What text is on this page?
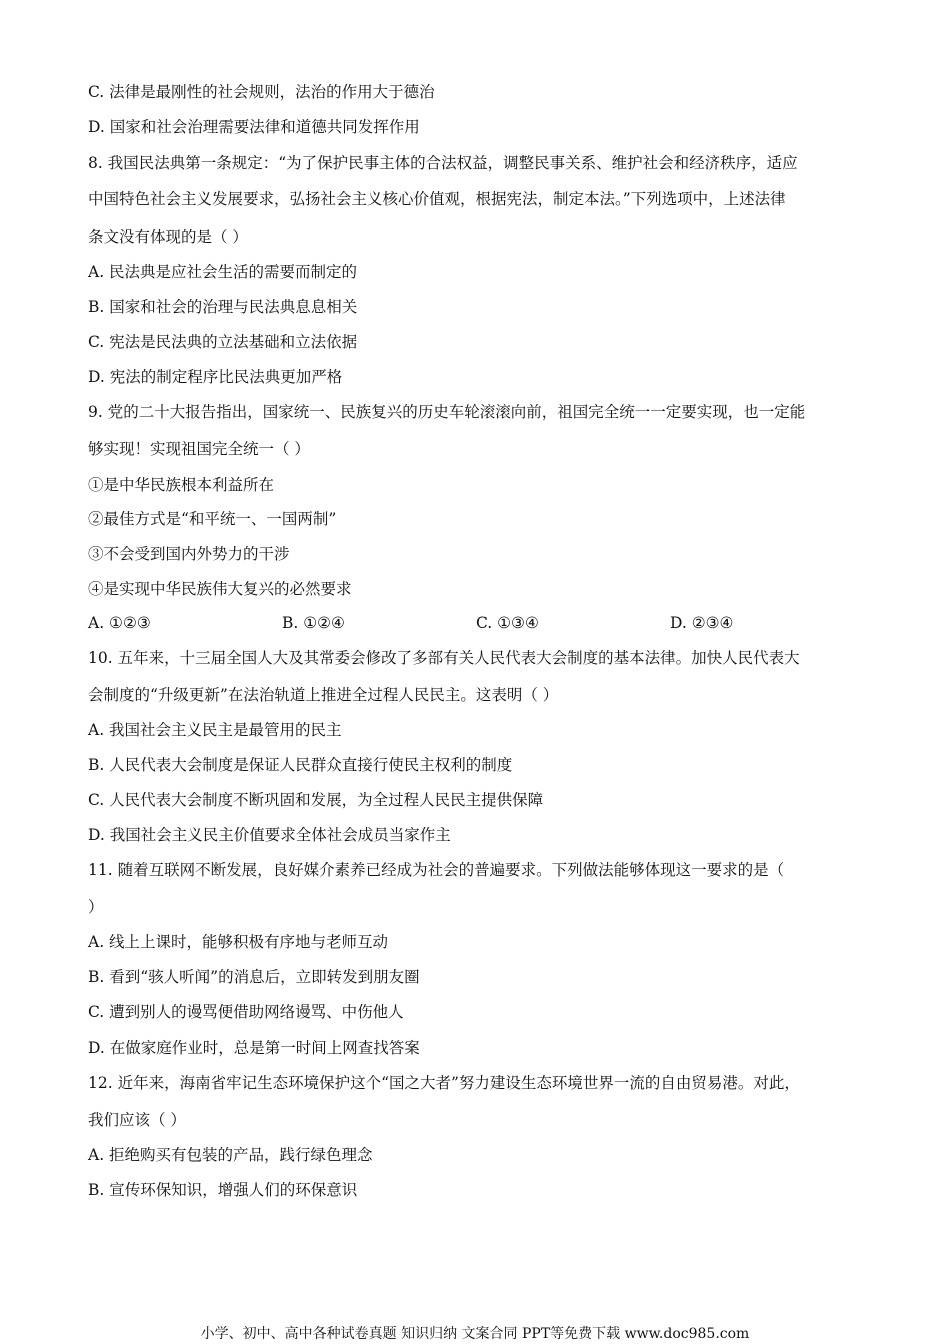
C. 法律是最刚性的社会规则，法治的作用大于德治
D. 国家和社会治理需要法律和道德共同发挥作用
8. 我国民法典第一条规定：“为了保护民事主体的合法权益，调整民事关系、维护社会和经济秩序，适应
中国特色社会主义发展要求，弘扬社会主义核心价值观，根据宪法，制定本法。”下列选项中，上述法律
条文没有体现的是（ ）
A. 民法典是应社会生活的需要而制定的
B. 国家和社会的治理与民法典息息相关
C. 宪法是民法典的立法基础和立法依据
D. 宪法的制定程序比民法典更加严格
9. 党的二十大报告指出，国家统一、民族复兴的历史车轮滚滚向前，祖国完全统一一定要实现，也一定能
够实现！实现祖国完全统一（ ）
①是中华民族根本利益所在
②最佳方式是“和平统一、一国两制”
③不会受到国内外势力的干涉
④是实现中华民族伟大复兴的必然要求
A. ①②③	B. ①②④	C. ①③④	D. ②③④
10. 五年来，十三届全国人大及其常委会修改了多部有关人民代表大会制度的基本法律。加快人民代表大
会制度的“升级更新”在法治轨道上推进全过程人民民主。这表明（ ）
A. 我国社会主义民主是最管用的民主
B. 人民代表大会制度是保证人民群众直接行使民主权利的制度
C. 人民代表大会制度不断巩固和发展，为全过程人民民主提供保障
D. 我国社会主义民主价值要求全体社会成员当家作主
11. 随着互联网不断发展，良好媒介素养已经成为社会的普遍要求。下列做法能够体现这一要求的是（
）
A. 线上上课时，能够积极有序地与老师互动
B. 看到“骇人听闻”的消息后，立即转发到朋友圈
C. 遭到别人的谩骂便借助网络谩骂、中伤他人
D. 在做家庭作业时，总是第一时间上网查找答案
12. 近年来，海南省牢记生态环境保护这个“国之大者”努力建设生态环境世界一流的自由贸易港。对此，
我们应该（ ）
A. 拒绝购买有包装的产品，践行绿色理念
B. 宣传环保知识，增强人们的环保意识
小学、初中、高中各种试卷真题 知识归纳 文案合同 PPT等免费下载 www.doc985.com
